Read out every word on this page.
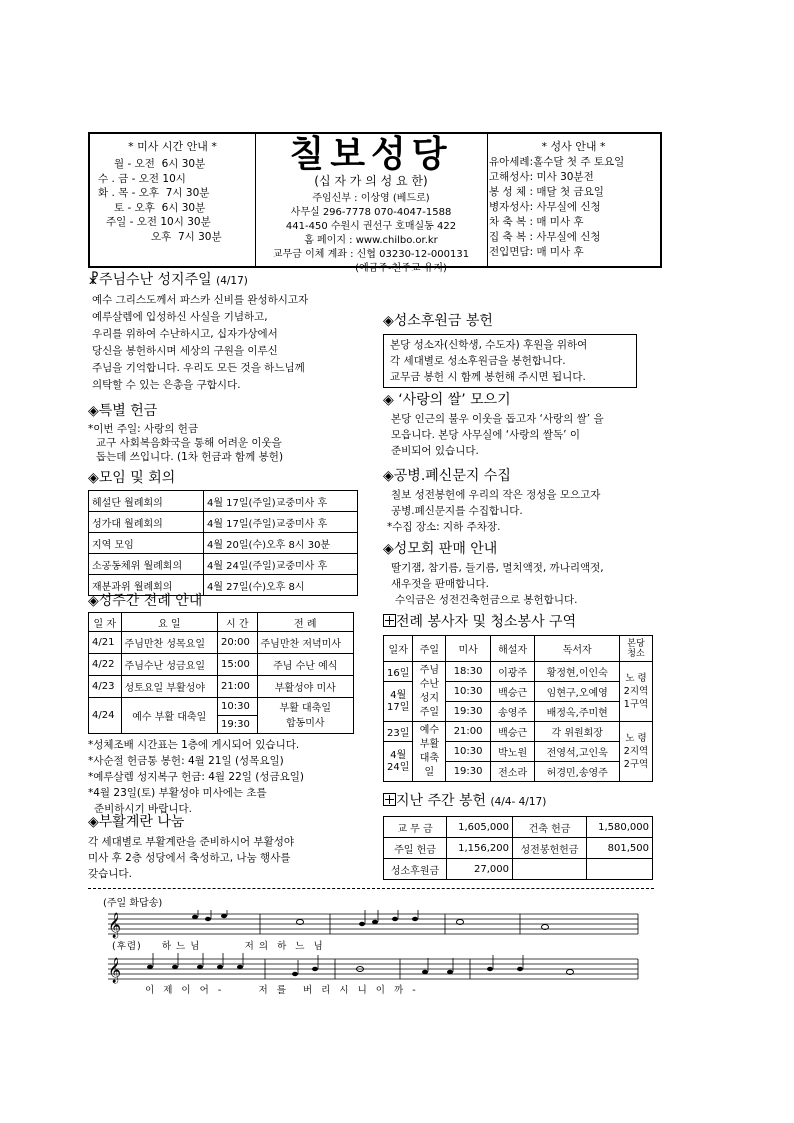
* 미사 시간 안내 *
월 - 오전  6시 30분
수 . 금 - 오전 10시
화 . 목 - 오후  7시 30분
토 - 오후  6시 30분
주일 - 오전 10시 30분
오후  7시 30분
칠보성당
(십 자 가 의 성 요 한)
주임신부 : 이상영 (베드로)
사무실 296-7778 070-4047-1588
441-450 수원시 권선구 호매실동 422
홈 페이지 : www.chilbo.or.kr
교무금 이체 계좌 : 신협 03230-12-000131
(예금주-천주교 유지)
* 성사 안내 *
유아세례:홀수달 첫 주 토요일
고해성사: 미사 30분전
봉 성 체 : 매달 첫 금요일
병자성사: 사무실에 신청
차 축 복 : 매 미사 후
집 축 복 : 사무실에 신청
전입면담: 매 미사 후
☧주님수난 성지주일 (4/17)
예수 그리스도께서 파스카 신비를 완성하시고자
예루살렘에 입성하신 사실을 기념하고,
우리를 위하여 수난하시고, 십자가상에서
당신을 봉헌하시며 세상의 구원을 이루신
주님을 기억합니다. 우리도 모든 것을 하느님께
의탁할 수 있는 은총을 구합시다.
◈특별 헌금
*이번 주일: 사랑의 헌금
교구 사회복음화국을 통해 어려운 이웃을
돕는데 쓰입니다. (1차 헌금과 함께 봉헌)
◈모임 및 회의
헤설단 월례회의	4월 17일(주일)교중미사 후
성가대 월례회의	4월 17일(주일)교중미사 후
지역 모임	4월 20일(수)오후 8시 30분
소공동체위 월례회의	4월 24일(주일)교중미사 후
재분과위 월례회의	4월 27일(수)오후 8시
◈성주간 전례 안내
일 자	요 일	시 간	전 례
4/21	주님만찬 성목요일	20:00	주님만찬 저녁미사
4/22	주님수난 성금요일	15:00	주님 수난 예식
4/23	성토요일 부활성야	21:00	부활성야 미사
4/24	예수 부활 대축일	10:30	부활 대축일
합동미사

		19:30	
*성체조배 시간표는 1층에 게시되어 있습니다.
*사순절 헌금통 봉헌: 4월 21일 (성목요일)
*예루살렘 성지복구 헌금: 4월 22일 (성금요일)
*4월 23일(토) 부활성야 미사에는 초를
준비하시기 바랍니다.
◈부활계란 나눔
각 세대별로 부활계란을 준비하시어 부활성야
미사 후 2층 성당에서 축성하고, 나눔 행사를
갖습니다.
◈성소후원금 봉헌
본당 성소자(신학생, 수도자) 후원을 위하여
각 세대별로 성소후원금을 봉헌합니다.
교무금 봉헌 시 함께 봉헌해 주시면 됩니다.
◈ ‘사랑의 쌀’ 모으기
본당 인근의 불우 이웃을 돕고자 ‘사랑의 쌀’ 을
모읍니다. 본당 사무실에 ‘사랑의 쌀독’ 이
준비되어 있습니다.
◈공병.폐신문지 수집
칠보 성전봉헌에 우리의 작은 정성을 모으고자
공병.폐신문지를 수집합니다.
*수집 장소: 지하 주차장.
◈성모회 판매 안내
딸기잼, 참기름, 들기름, 멸치액젓, 까나리액젓,
새우젓을 판매합니다.
수익금은 성전건축헌금으로 봉헌합니다.
전례 봉사자 및 청소봉사 구역
일자	주일	미사	해설자	독서자	본당 청소
16일	주님 수난 성지 주일	18:30	이광주	황정현,이인숙	노 령 2지역 1구역
4월 17일		10:30	백승근	임현구,오예영	
		19:30	송영주	배정옥,주미현	
23일	예수 부활 대축일	21:00	백승근	각 위원회장	노 령 2지역 2구역
4월 24일		10:30	박노원	전영석,고인욱	
		19:30	전소라	허경민,송영주	
지난 주간 봉헌 (4/4- 4/17)
교 무 금	1,605,000	건축 헌금	1,580,000
주일 헌금	1,156,200	성전봉헌헌금	801,500
성소후원금	27,000		
(주일 화답송)
𝄞
𝄞
(후렴)     하 느 님           저 의  하  느  님
이  제  이  어  -         저  를    버  리  시  니  이  까  -
